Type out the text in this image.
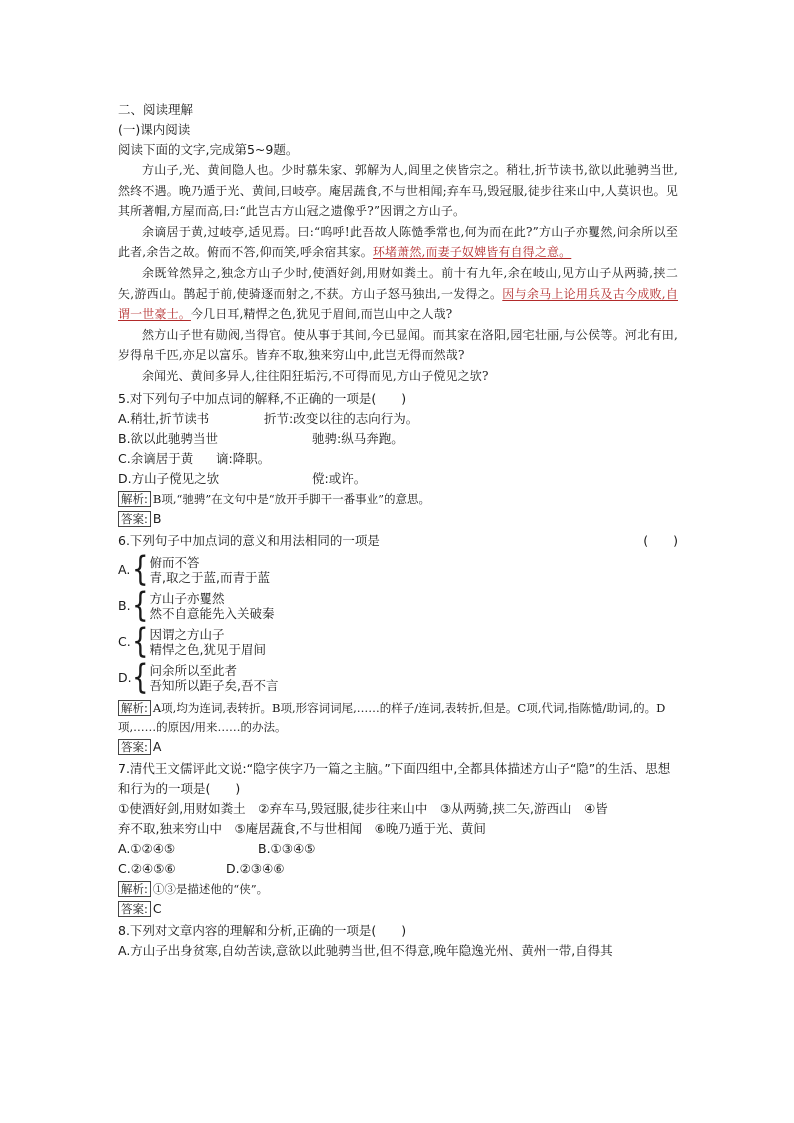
二、阅读理解
(一)课内阅读
阅读下面的文字,完成第5~9题。

方山子,光、黄间隐人也。少时慕朱家、郭解为人,闾里之侠皆宗之。稍壮,折节读书,欲以此驰骋当世,然终不遇。晚乃遁于光、黄间,曰岐亭。庵居蔬食,不与世相闻;弃车马,毁冠服,徒步往来山中,人莫识也。见其所著帽,方屋而高,曰:“此岂古方山冠之遗像乎?”因谓之方山子。

余谪居于黄,过岐亭,适见焉。曰:“呜呼!此吾故人陈慥季常也,何为而在此?”方山子亦矍然,问余所以至此者,余告之故。俯而不答,仰而笑,呼余宿其家。环堵萧然,而妻子奴婢皆有自得之意。

余既耸然异之,独念方山子少时,使酒好剑,用财如粪土。前十有九年,余在岐山,见方山子从两骑,挟二矢,游西山。鹊起于前,使骑逐而射之,不获。方山子怒马独出,一发得之。因与余马上论用兵及古今成败,自谓一世豪士。今几日耳,精悍之色,犹见于眉间,而岂山中之人哉?

然方山子世有勋阀,当得官。使从事于其间,今已显闻。而其家在洛阳,园宅壮丽,与公侯等。河北有田,岁得帛千匹,亦足以富乐。皆弃不取,独来穷山中,此岂无得而然哉?

余闻光、黄间多异人,往往阳狂垢污,不可得而见,方山子傥见之欤?

5.对下列句子中加点词的解释,不正确的一项是(　　)
A.稍壮,折节读书	折节:改变以往的志向行为。
B.欲以此驰骋当世	驰骋:纵马奔跑。
C.余谪居于黄 谪:降职。
D.方山子傥见之欤	傥:或许。
解析: B项,“驰骋”在文句中是“放开手脚干一番事业”的意思。
答案: B
6.下列句子中加点词的意义和用法相同的一项是	(　　)
A. { 俯而不答
青,取之于蓝,而青于蓝
B. { 方山子亦矍然
然不自意能先入关破秦
C. { 因谓之方山子
精悍之色,犹见于眉间
D. { 问余所以至此者
吾知所以距子矣,吾不言
解析: A项,均为连词,表转折。B项,形容词词尾,……的样子/连词,表转折,但是。C项,代词,指陈慥/助词,的。D项,……的原因/用来……的办法。
答案: A
7.清代王文儒评此文说:“隐字侠字乃一篇之主脑。”下面四组中,全都具体描述方山子“隐”的生活、思想和行为的一项是(　　)
①使酒好剑,用财如粪土　②弃车马,毁冠服,徒步往来山中　③从两骑,挟二矢,游西山　④皆
弃不取,独来穷山中　⑤庵居蔬食,不与世相闻　⑥晚乃遁于光、黄间
A.①②④⑤	B.①③④⑤
C.②④⑤⑥	D.②③④⑥
解析: ①③是描述他的“侠”。
答案: C
8.下列对文章内容的理解和分析,正确的一项是(　　)
A.方山子出身贫寒,自幼苦读,意欲以此驰骋当世,但不得意,晚年隐逸光州、黄州一带,自得其
